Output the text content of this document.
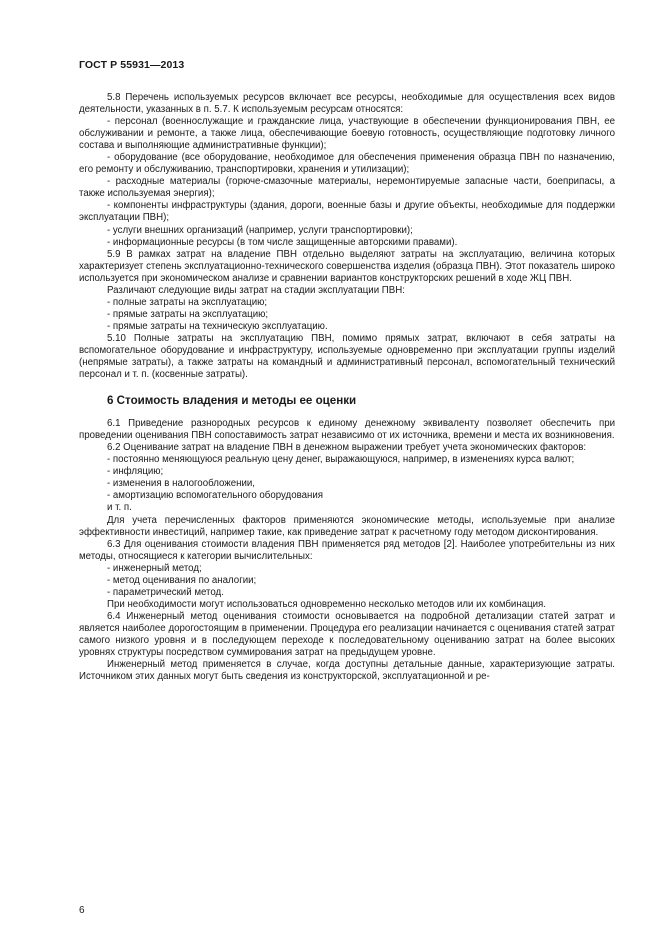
ГОСТ Р 55931—2013

5.8 Перечень используемых ресурсов включает все ресурсы, необходимые для осуществления всех видов деятельности, указанных в п. 5.7. К используемым ресурсам относятся:

- персонал (военнослужащие и гражданские лица, участвующие в обеспечении функционирования ПВН, ее обслуживании и ремонте, а также лица, обеспечивающие боевую готовность, осуществляющие подготовку личного состава и выполняющие административные функции);

- оборудование (все оборудование, необходимое для обеспечения применения образца ПВН по назначению, его ремонту и обслуживанию, транспортировки, хранения и утилизации);

- расходные материалы (горюче-смазочные материалы, неремонтируемые запасные части, боеприпасы, а также используемая энергия);

- компоненты инфраструктуры (здания, дороги, военные базы и другие объекты, необходимые для поддержки эксплуатации ПВН);

- услуги внешних организаций (например, услуги транспортировки);

- информационные ресурсы (в том числе защищенные авторскими правами).

5.9 В рамках затрат на владение ПВН отдельно выделяют затраты на эксплуатацию, величина которых характеризует степень эксплуатационно-технического совершенства изделия (образца ПВН). Этот показатель широко используется при экономическом анализе и сравнении вариантов конструкторских решений в ходе ЖЦ ПВН.

Различают следующие виды затрат на стадии эксплуатации ПВН:

- полные затраты на эксплуатацию;

- прямые затраты на эксплуатацию;

- прямые затраты на техническую эксплуатацию.

5.10 Полные затраты на эксплуатацию ПВН, помимо прямых затрат, включают в себя затраты на вспомогательное оборудование и инфраструктуру, используемые одновременно при эксплуатации группы изделий (непрямые затраты), а также затраты на командный и административный персонал, вспомогательный технический персонал и т. п. (косвенные затраты).

6 Стоимость владения и методы ее оценки

6.1 Приведение разнородных ресурсов к единому денежному эквиваленту позволяет обеспечить при проведении оценивания ПВН сопоставимость затрат независимо от их источника, времени и места их возникновения.

6.2 Оценивание затрат на владение ПВН в денежном выражении требует учета экономических факторов:

- постоянно меняющуюся реальную цену денег, выражающуюся, например, в изменениях курса валют;

- инфляцию;

- изменения в налогообложении,

- амортизацию вспомогательного оборудования

и т. п.

Для учета перечисленных факторов применяются экономические методы, используемые при анализе эффективности инвестиций, например такие, как приведение затрат к расчетному году методом дисконтирования.

6.3 Для оценивания стоимости владения ПВН применяется ряд методов [2]. Наиболее употребительны из них методы, относящиеся к категории вычислительных:

- инженерный метод;

- метод оценивания по аналогии;

- параметрический метод.

При необходимости могут использоваться одновременно несколько методов или их комбинация.

6.4 Инженерный метод оценивания стоимости основывается на подробной детализации статей затрат и является наиболее дорогостоящим в применении. Процедура его реализации начинается с оценивания статей затрат самого низкого уровня и в последующем переходе к последовательному оцениванию затрат на более высоких уровнях структуры посредством суммирования затрат на предыдущем уровне.

Инженерный метод применяется в случае, когда доступны детальные данные, характеризующие затраты. Источником этих данных могут быть сведения из конструкторской, эксплуатационной и ре-

6
